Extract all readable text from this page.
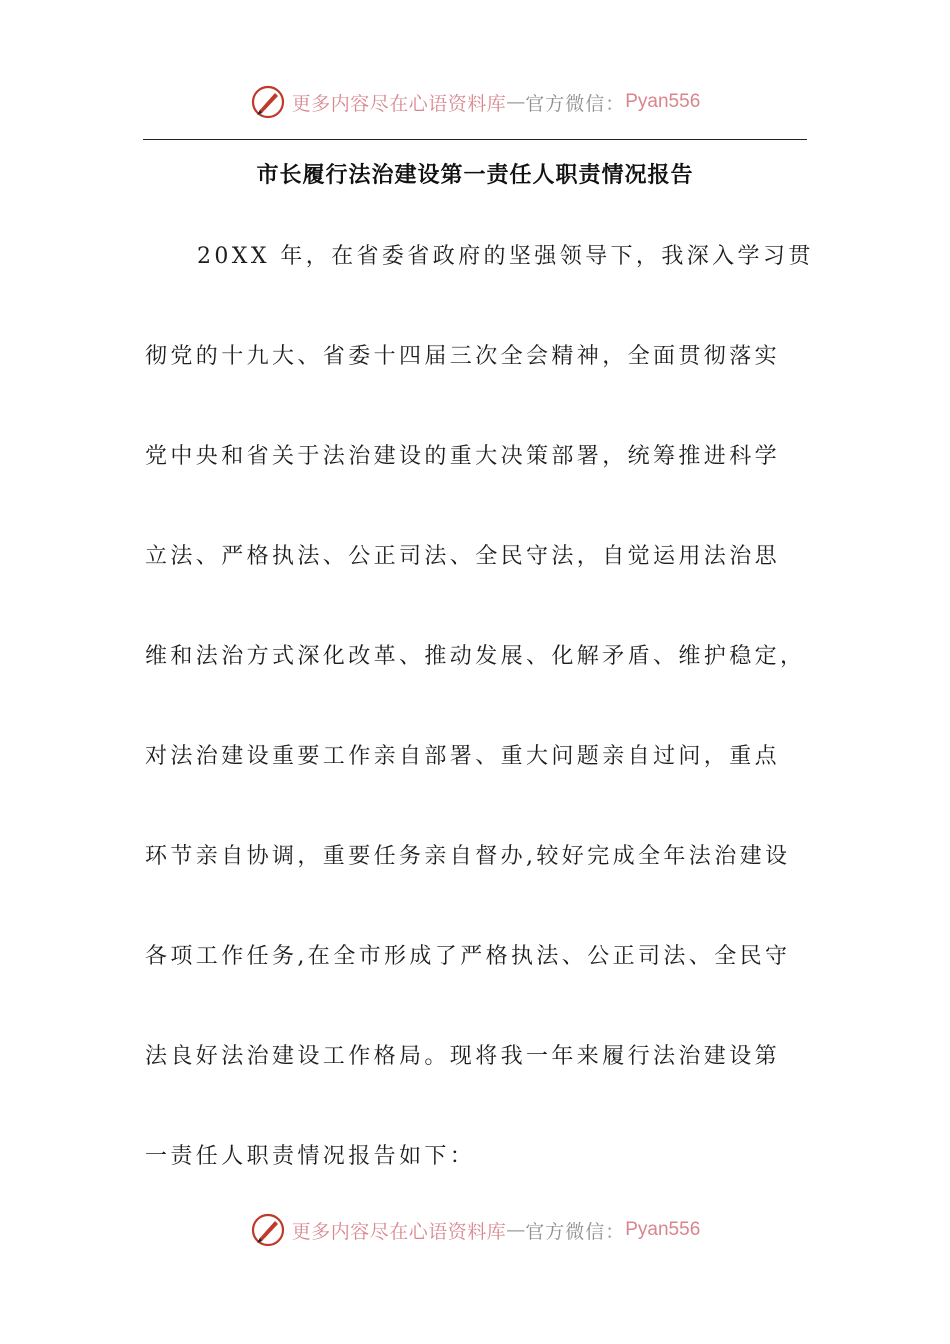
更多内容尽在心语资料库 — 官方微信： Pyan556
市长履行法治建设第一责任人职责情况报告
20XX 年，在省委省政府的坚强领导下，我深入学习贯
彻党的十九大、省委十四届三次全会精神，全面贯彻落实
党中央和省关于法治建设的重大决策部署，统筹推进科学
立法、严格执法、公正司法、全民守法，自觉运用法治思
维和法治方式深化改革、推动发展、化解矛盾、维护稳定，
对法治建设重要工作亲自部署、重大问题亲自过问，重点
环节亲自协调，重要任务亲自督办,较好完成全年法治建设
各项工作任务,在全市形成了严格执法、公正司法、全民守
法良好法治建设工作格局。现将我一年来履行法治建设第
一责任人职责情况报告如下：
更多内容尽在心语资料库 — 官方微信： Pyan556
